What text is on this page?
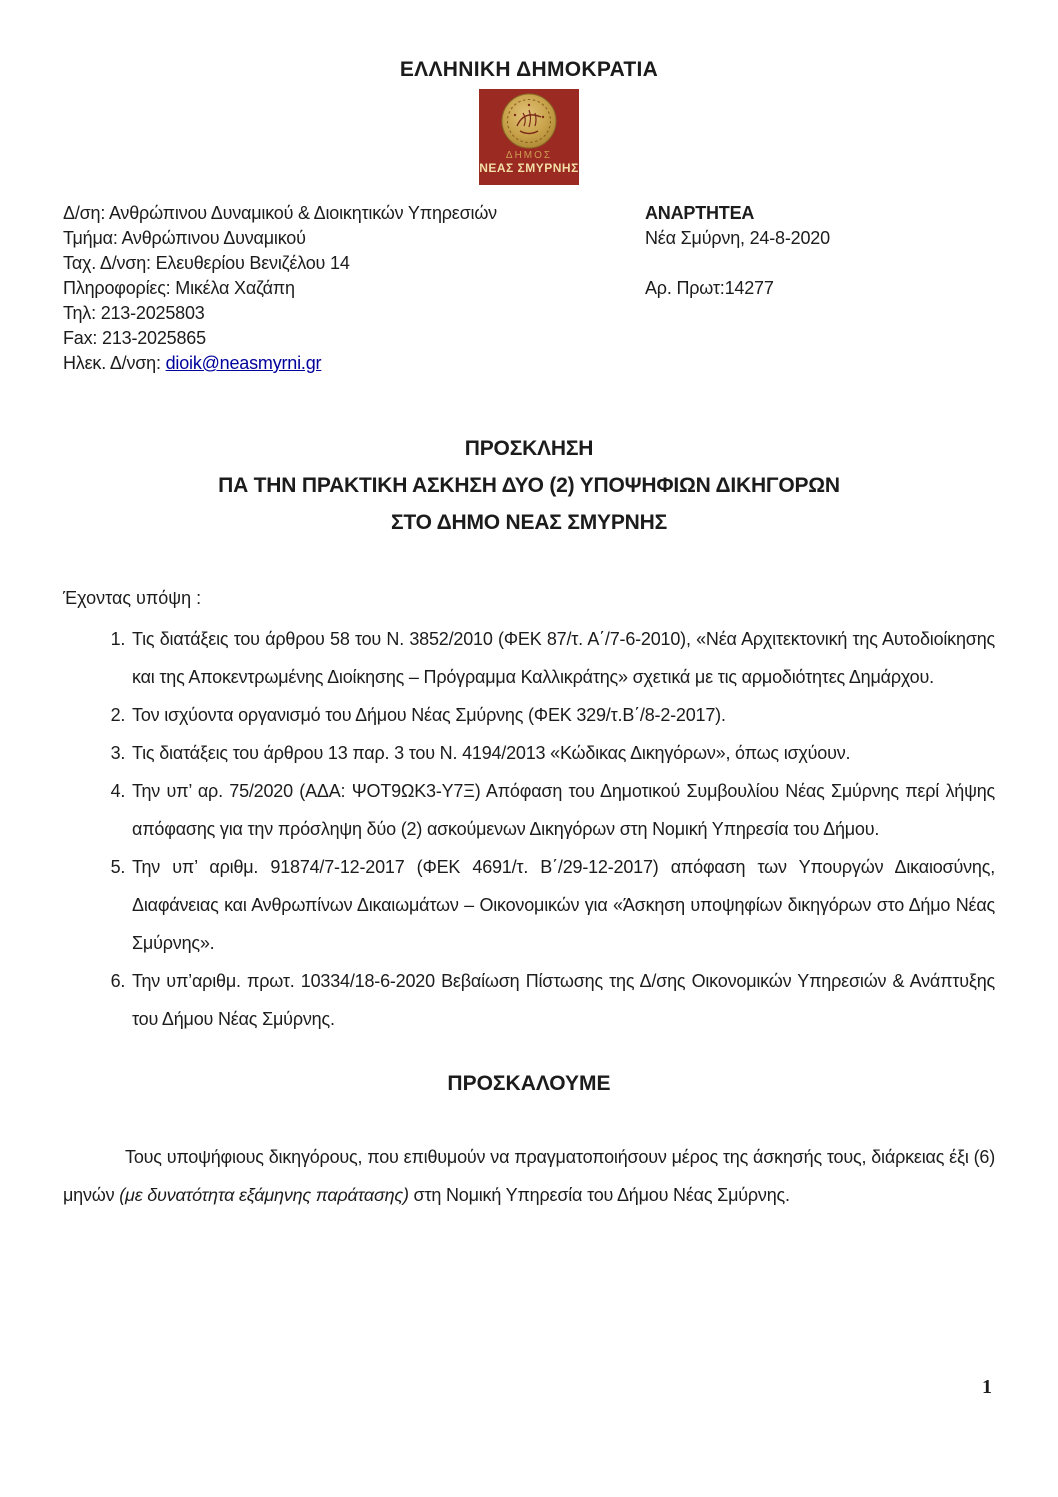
ΕΛΛΗΝΙΚΗ ΔΗΜΟΚΡΑΤΙΑ
ΔΗΜΟΣ
ΝΕΑΣ ΣΜΥΡΝΗΣ
Δ/ση: Ανθρώπινου Δυναμικού & Διοικητικών Υπηρεσιών
Τμήμα: Ανθρώπινου Δυναμικού
Ταχ. Δ/νση: Ελευθερίου Βενιζέλου 14
Πληροφορίες: Μικέλα Χαζάπη
Τηλ: 213-2025803
Fax: 213-2025865
Ηλεκ. Δ/νση: dioik@neasmyrni.gr
ΑΝΑΡΤΗΤΕΑ
Νέα Σμύρνη, 24-8-2020
Αρ. Πρωτ:14277
ΠΡΟΣΚΛΗΣΗ
ΠΑ ΤΗΝ ΠΡΑΚΤΙΚΗ ΑΣΚΗΣΗ ΔΥΟ (2) ΥΠΟΨΗΦΙΩΝ ΔΙΚΗΓΟΡΩΝ
ΣΤΟ ΔΗΜΟ ΝΕΑΣ ΣΜΥΡΝΗΣ
Έχοντας υπόψη :
1. Τις διατάξεις του άρθρου 58 του Ν. 3852/2010 (ΦΕΚ 87/τ. Α΄/7-6-2010), «Νέα Αρχιτεκτονική της Αυτοδιοίκησης και της Αποκεντρωμένης Διοίκησης – Πρόγραμμα Καλλικράτης» σχετικά με τις αρμοδιότητες Δημάρχου.
2. Τον ισχύοντα οργανισμό του Δήμου Νέας Σμύρνης (ΦΕΚ 329/τ.Β΄/8-2-2017).
3. Τις διατάξεις του άρθρου 13 παρ. 3 του Ν. 4194/2013 «Κώδικας Δικηγόρων», όπως ισχύουν.
4. Την υπ’ αρ. 75/2020 (ΑΔΑ: ΨΟΤ9ΩΚ3-Υ7Ξ) Απόφαση του Δημοτικού Συμβουλίου Νέας Σμύρνης περί λήψης απόφασης για την πρόσληψη δύο (2) ασκούμενων Δικηγόρων στη Νομική Υπηρεσία του Δήμου.
5. Την υπ’ αριθμ. 91874/7-12-2017 (ΦΕΚ 4691/τ. Β΄/29-12-2017) απόφαση των Υπουργών Δικαιοσύνης, Διαφάνειας και Ανθρωπίνων Δικαιωμάτων – Οικονομικών για «Άσκηση υποψηφίων δικηγόρων στο Δήμο Νέας Σμύρνης».
6. Την υπ’αριθμ. πρωτ. 10334/18-6-2020 Βεβαίωση Πίστωσης της Δ/σης Οικονομικών Υπηρεσιών & Ανάπτυξης του Δήμου Νέας Σμύρνης.
ΠΡΟΣΚΑΛΟΥΜΕ

Τους υποψήφιους δικηγόρους, που επιθυμούν να πραγματοποιήσουν μέρος της άσκησής τους, διάρκειας έξι (6) μηνών (με δυνατότητα εξάμηνης παράτασης) στη Νομική Υπηρεσία του Δήμου Νέας Σμύρνης.

1
